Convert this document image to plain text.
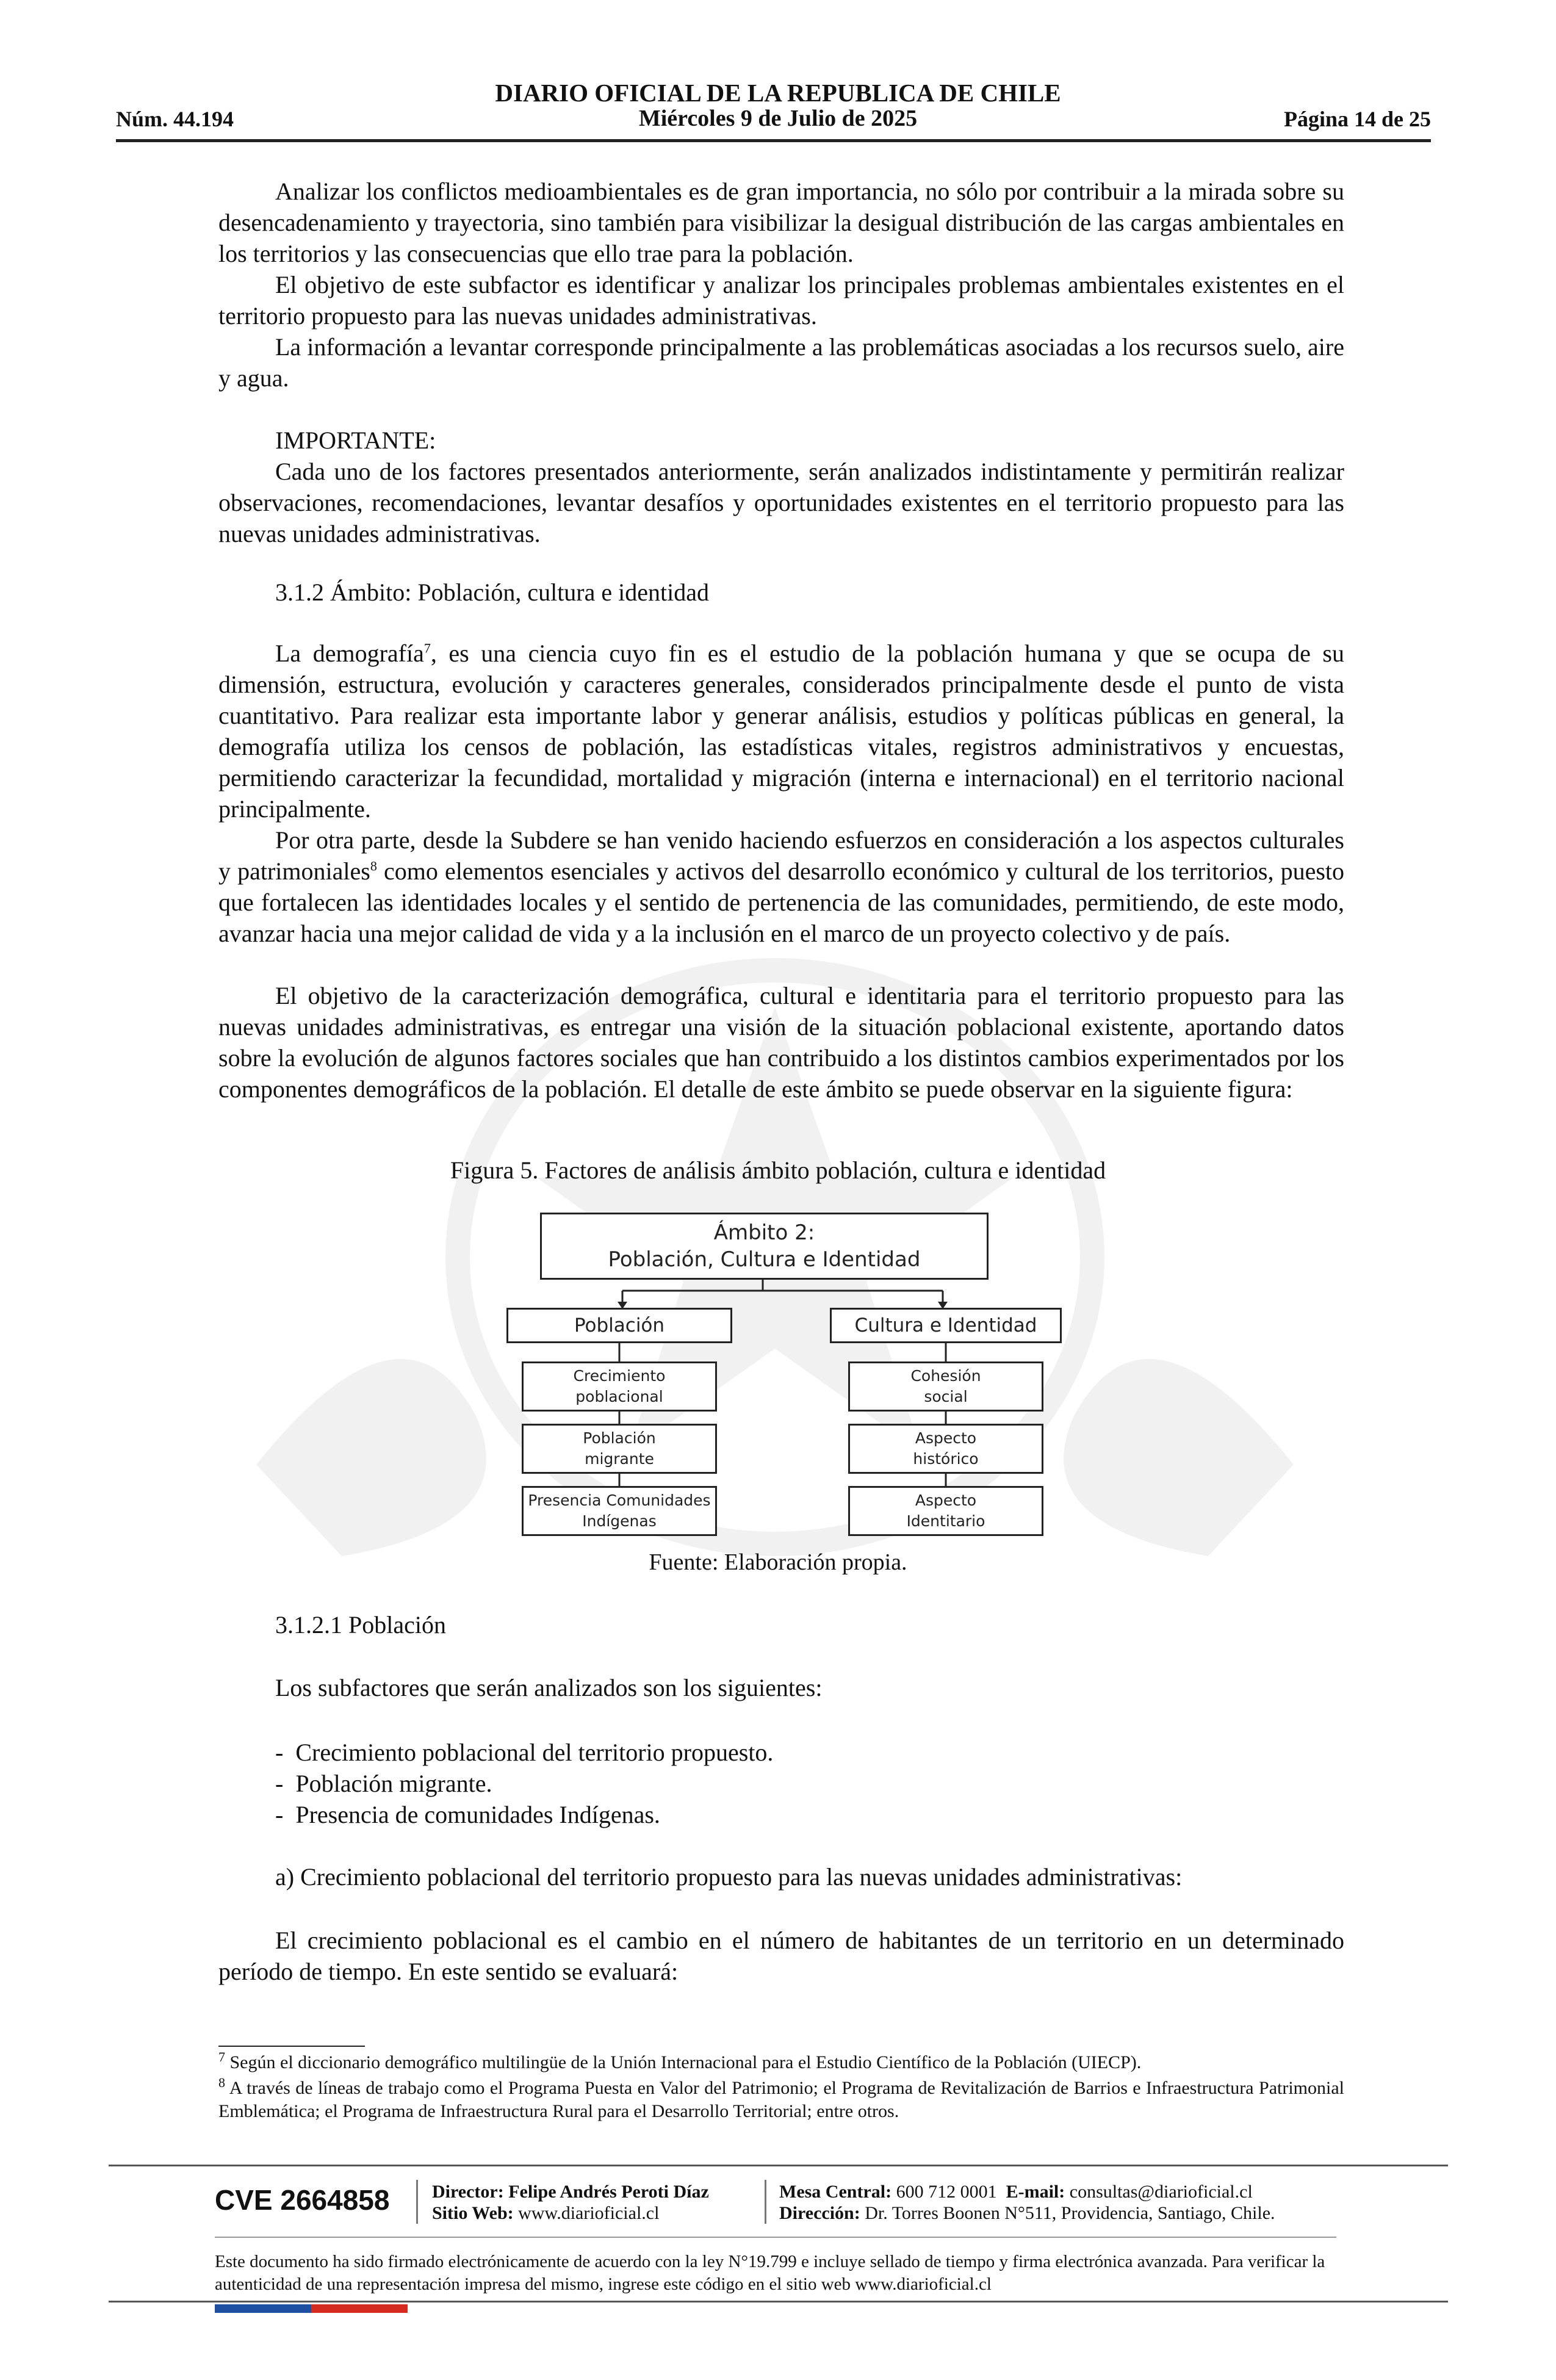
DIARIO OFICIAL DE LA REPUBLICA DE CHILE
Núm. 44.194	Miércoles 9 de Julio de 2025	Página 14 de 25
Analizar los conflictos medioambientales es de gran importancia, no sólo por contribuir a la mirada sobre su desencadenamiento y trayectoria, sino también para visibilizar la desigual distribución de las cargas ambientales en los territorios y las consecuencias que ello trae para la población.
El objetivo de este subfactor es identificar y analizar los principales problemas ambientales existentes en el territorio propuesto para las nuevas unidades administrativas.
La información a levantar corresponde principalmente a las problemáticas asociadas a los recursos suelo, aire y agua.
IMPORTANTE:
Cada uno de los factores presentados anteriormente, serán analizados indistintamente y permitirán realizar observaciones, recomendaciones, levantar desafíos y oportunidades existentes en el territorio propuesto para las nuevas unidades administrativas.
3.1.2 Ámbito: Población, cultura e identidad
La demografía$^7$, es una ciencia cuyo fin es el estudio de la población humana y que se ocupa de su dimensión, estructura, evolución y caracteres generales, considerados principalmente desde el punto de vista cuantitativo. Para realizar esta importante labor y generar análisis, estudios y políticas públicas en general, la demografía utiliza los censos de población, las estadísticas vitales, registros administrativos y encuestas, permitiendo caracterizar la fecundidad, mortalidad y migración (interna e internacional) en el territorio nacional principalmente.
Por otra parte, desde la Subdere se han venido haciendo esfuerzos en consideración a los aspectos culturales y patrimoniales$^8$ como elementos esenciales y activos del desarrollo económico y cultural de los territorios, puesto que fortalecen las identidades locales y el sentido de pertenencia de las comunidades, permitiendo, de este modo, avanzar hacia una mejor calidad de vida y a la inclusión en el marco de un proyecto colectivo y de país.
El objetivo de la caracterización demográfica, cultural e identitaria para el territorio propuesto para las nuevas unidades administrativas, es entregar una visión de la situación poblacional existente, aportando datos sobre la evolución de algunos factores sociales que han contribuido a los distintos cambios experimentados por los componentes demográficos de la población. El detalle de este ámbito se puede observar en la siguiente figura:
Figura 5. Factores de análisis ámbito población, cultura e identidad
Ámbito 2:
Población, Cultura e Identidad
Población	Cultura e Identidad
Crecimiento
poblacional
Población
migrante
Presencia Comunidades
Indígenas
Cohesión
social
Aspecto
histórico
Aspecto
Identitario
Fuente: Elaboración propia.
3.1.2.1 Población
Los subfactores que serán analizados son los siguientes:
- Crecimiento poblacional del territorio propuesto.
- Población migrante.
- Presencia de comunidades Indígenas.
a) Crecimiento poblacional del territorio propuesto para las nuevas unidades administrativas:
El crecimiento poblacional es el cambio en el número de habitantes de un territorio en un determinado período de tiempo. En este sentido se evaluará:
$^7$ Según el diccionario demográfico multilingüe de la Unión Internacional para el Estudio Científico de la Población (UIECP).
$^8$ A través de líneas de trabajo como el Programa Puesta en Valor del Patrimonio; el Programa de Revitalización de Barrios e Infraestructura Patrimonial Emblemática; el Programa de Infraestructura Rural para el Desarrollo Territorial; entre otros.
CVE 2664858 Director: Felipe Andrés Peroti Díaz
Sitio Web: www.diarioficial.cl
Mesa Central: 600 712 0001 E-mail: consultas@diarioficial.cl
Dirección: Dr. Torres Boonen N°511, Providencia, Santiago, Chile.
Este documento ha sido firmado electrónicamente de acuerdo con la ley N°19.799 e incluye sellado de tiempo y firma electrónica avanzada. Para verificar la autenticidad de una representación impresa del mismo, ingrese este código en el sitio web www.diarioficial.cl
